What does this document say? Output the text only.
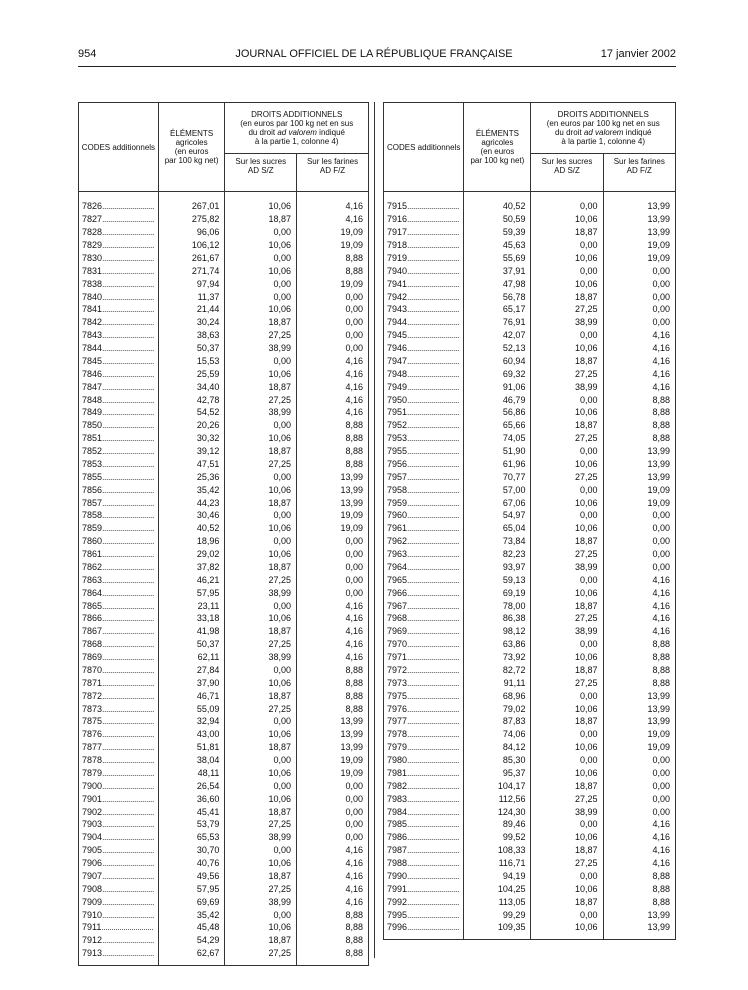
954	JOURNAL OFFICIEL DE LA RÉPUBLIQUE FRANÇAISE	17 janvier 2002
CODES additionnels	ÉLÉMENTS
agricoles
(en euros
par 100 kg net)	DROITS ADDITIONNELS
(en euros par 100 kg net en sus
du droit ad valorem indiqué
à la partie 1, colonne 4)	
		Sur les sucres
AD S/Z	Sur les farines
AD F/Z

7826..........................	267,01	10,06	4,16
7827..........................	275,82	18,87	4,16
7828..........................	96,06	0,00	19,09
7829..........................	106,12	10,06	19,09
7830..........................	261,67	0,00	8,88
7831..........................	271,74	10,06	8,88
7838..........................	97,94	0,00	19,09
7840..........................	11,37	0,00	0,00
7841..........................	21,44	10,06	0,00
7842..........................	30,24	18,87	0,00
7843..........................	38,63	27,25	0,00
7844..........................	50,37	38,99	0,00
7845..........................	15,53	0,00	4,16
7846..........................	25,59	10,06	4,16
7847..........................	34,40	18,87	4,16
7848..........................	42,78	27,25	4,16
7849..........................	54,52	38,99	4,16
7850..........................	20,26	0,00	8,88
7851..........................	30,32	10,06	8,88
7852..........................	39,12	18,87	8,88
7853..........................	47,51	27,25	8,88
7855..........................	25,36	0,00	13,99
7856..........................	35,42	10,06	13,99
7857..........................	44,23	18,87	13,99
7858..........................	30,46	0,00	19,09
7859..........................	40,52	10,06	19,09
7860..........................	18,96	0,00	0,00
7861..........................	29,02	10,06	0,00
7862..........................	37,82	18,87	0,00
7863..........................	46,21	27,25	0,00
7864..........................	57,95	38,99	0,00
7865..........................	23,11	0,00	4,16
7866..........................	33,18	10,06	4,16
7867..........................	41,98	18,87	4,16
7868..........................	50,37	27,25	4,16
7869..........................	62,11	38,99	4,16
7870..........................	27,84	0,00	8,88
7871..........................	37,90	10,06	8,88
7872..........................	46,71	18,87	8,88
7873..........................	55,09	27,25	8,88
7875..........................	32,94	0,00	13,99
7876..........................	43,00	10,06	13,99
7877..........................	51,81	18,87	13,99
7878..........................	38,04	0,00	19,09
7879..........................	48,11	10,06	19,09
7900..........................	26,54	0,00	0,00
7901..........................	36,60	10,06	0,00
7902..........................	45,41	18,87	0,00
7903..........................	53,79	27,25	0,00
7904..........................	65,53	38,99	0,00
7905..........................	30,70	0,00	4,16
7906..........................	40,76	10,06	4,16
7907..........................	49,56	18,87	4,16
7908..........................	57,95	27,25	4,16
7909..........................	69,69	38,99	4,16
7910..........................	35,42	0,00	8,88
7911..........................	45,48	10,06	8,88
7912..........................	54,29	18,87	8,88
7913..........................	62,67	27,25	8,88

CODES additionnels	ÉLÉMENTS
agricoles
(en euros
par 100 kg net)	DROITS ADDITIONNELS
(en euros par 100 kg net en sus
du droit ad valorem indiqué
à la partie 1, colonne 4)	
		Sur les sucres
AD S/Z	Sur les farines
AD F/Z

7915..........................	40,52	0,00	13,99
7916..........................	50,59	10,06	13,99
7917..........................	59,39	18,87	13,99
7918..........................	45,63	0,00	19,09
7919..........................	55,69	10,06	19,09
7940..........................	37,91	0,00	0,00
7941..........................	47,98	10,06	0,00
7942..........................	56,78	18,87	0,00
7943..........................	65,17	27,25	0,00
7944..........................	76,91	38,99	0,00
7945..........................	42,07	0,00	4,16
7946..........................	52,13	10,06	4,16
7947..........................	60,94	18,87	4,16
7948..........................	69,32	27,25	4,16
7949..........................	91,06	38,99	4,16
7950..........................	46,79	0,00	8,88
7951..........................	56,86	10,06	8,88
7952..........................	65,66	18,87	8,88
7953..........................	74,05	27,25	8,88
7955..........................	51,90	0,00	13,99
7956..........................	61,96	10,06	13,99
7957..........................	70,77	27,25	13,99
7958..........................	57,00	0,00	19,09
7959..........................	67,06	10,06	19,09
7960..........................	54,97	0,00	0,00
7961..........................	65,04	10,06	0,00
7962..........................	73,84	18,87	0,00
7963..........................	82,23	27,25	0,00
7964..........................	93,97	38,99	0,00
7965..........................	59,13	0,00	4,16
7966..........................	69,19	10,06	4,16
7967..........................	78,00	18,87	4,16
7968..........................	86,38	27,25	4,16
7969..........................	98,12	38,99	4,16
7970..........................	63,86	0,00	8,88
7971..........................	73,92	10,06	8,88
7972..........................	82,72	18,87	8,88
7973..........................	91,11	27,25	8,88
7975..........................	68,96	0,00	13,99
7976..........................	79,02	10,06	13,99
7977..........................	87,83	18,87	13,99
7978..........................	74,06	0,00	19,09
7979..........................	84,12	10,06	19,09
7980..........................	85,30	0,00	0,00
7981..........................	95,37	10,06	0,00
7982..........................	104,17	18,87	0,00
7983..........................	112,56	27,25	0,00
7984..........................	124,30	38,99	0,00
7985..........................	89,46	0,00	4,16
7986..........................	99,52	10,06	4,16
7987..........................	108,33	18,87	4,16
7988..........................	116,71	27,25	4,16
7990..........................	94,19	0,00	8,88
7991..........................	104,25	10,06	8,88
7992..........................	113,05	18,87	8,88
7995..........................	99,29	0,00	13,99
7996..........................	109,35	10,06	13,99
